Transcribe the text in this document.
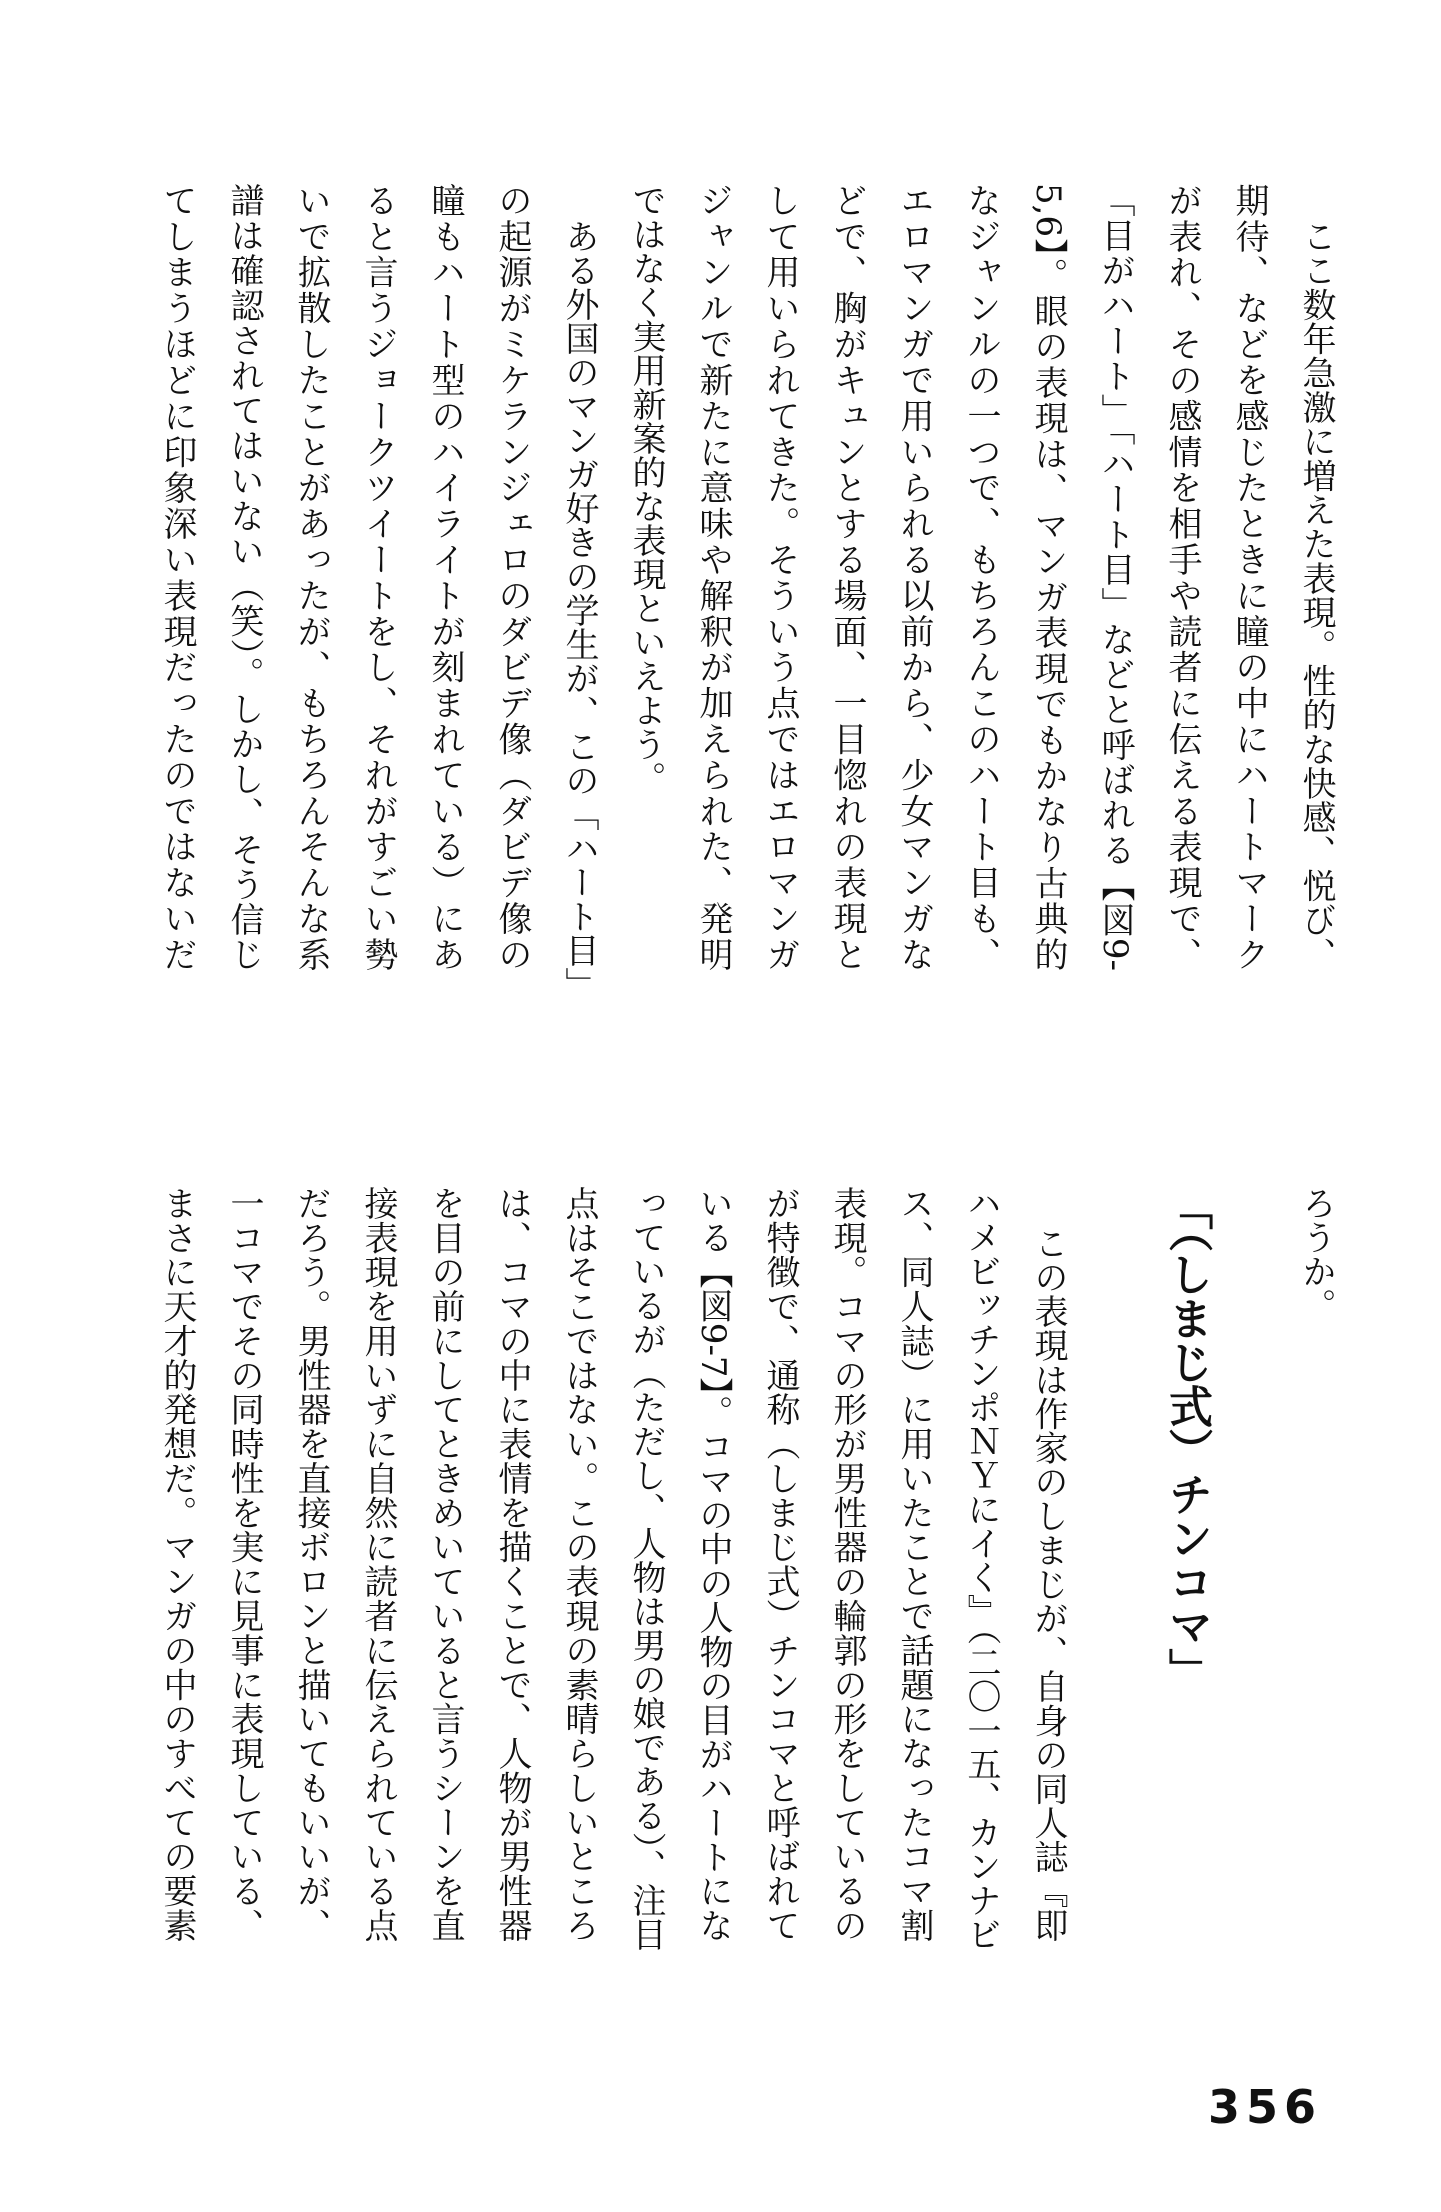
ここ数年急激に増えた表現。性的な快感、悦び、
期待、などを感じたときに瞳の中にハートマーク
が表れ、その感情を相手や読者に伝える表現で、
「目がハート」「ハート目」などと呼ばれる【図9-
5,6】。眼の表現は、マンガ表現でもかなり古典的
なジャンルの一つで、もちろんこのハート目も、
エロマンガで用いられる以前から、少女マンガな
どで、胸がキュンとする場面、一目惚れの表現と
して用いられてきた。そういう点ではエロマンガ
ジャンルで新たに意味や解釈が加えられた、発明
ではなく実用新案的な表現といえよう。
ある外国のマンガ好きの学生が、この「ハート目」
の起源がミケランジェロのダビデ像（ダビデ像の
瞳もハート型のハイライトが刻まれている）にあ
ると言うジョークツイートをし、それがすごい勢
いで拡散したことがあったが、もちろんそんな系
譜は確認されてはいない（笑）。しかし、そう信じ
てしまうほどに印象深い表現だったのではないだ
ろうか。
「（しまじ式）チンコマ」
この表現は作家のしまじが、自身の同人誌『即
ハメビッチンポＮＹにイく』（二〇一五、カンナビ
ス、同人誌）に用いたことで話題になったコマ割
表現。コマの形が男性器の輪郭の形をしているの
が特徴で、通称（しまじ式）チンコマと呼ばれて
いる【図9-7】。コマの中の人物の目がハートにな
っているが（ただし、人物は男の娘である）、注目
点はそこではない。この表現の素晴らしいところ
は、コマの中に表情を描くことで、人物が男性器
を目の前にしてときめいていると言うシーンを直
接表現を用いずに自然に読者に伝えられている点
だろう。男性器を直接ボロンと描いてもいいが、
一コマでその同時性を実に見事に表現している、
まさに天才的発想だ。マンガの中のすべての要素
356
